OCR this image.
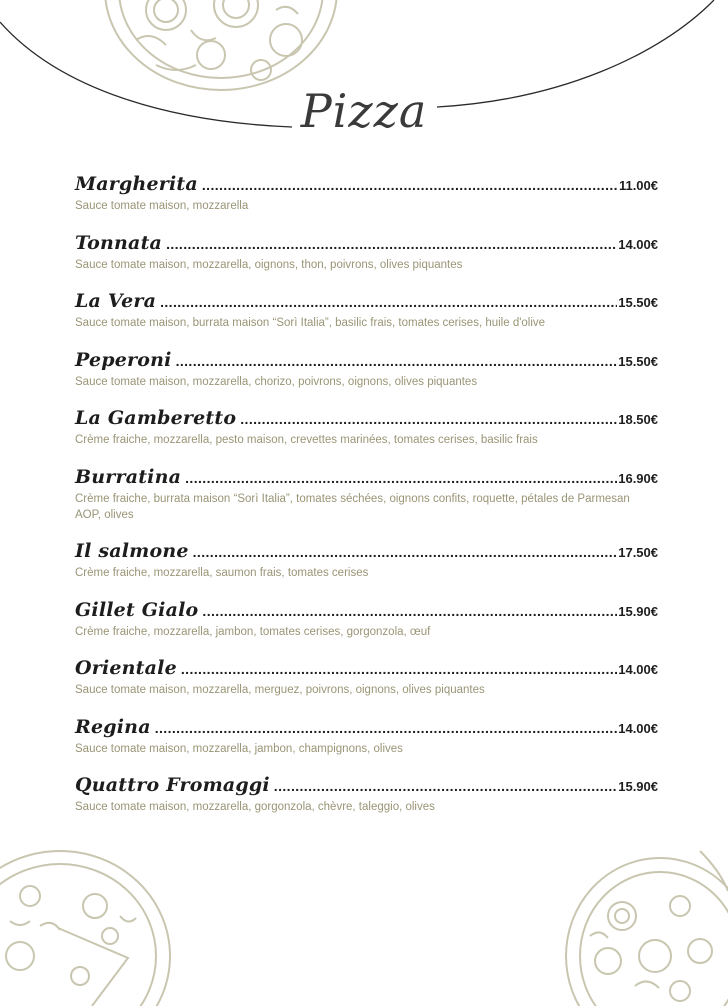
Pizza
Margherita .....	11.00€
Sauce tomate maison, mozzarella
Tonnata .....	14.00€
Sauce tomate maison, mozzarella, oignons, thon, poivrons, olives piquantes
La Vera .....	15.50€
Sauce tomate maison, burrata maison “Sorì Italia”, basilic frais, tomates cerises, huile d'olive
Peperoni .....	15.50€
Sauce tomate maison, mozzarella, chorizo, poivrons, oignons, olives piquantes
La Gamberetto .....	18.50€
Crème fraiche, mozzarella, pesto maison, crevettes marinées, tomates cerises, basilic frais
Burratina .....	16.90€
Crème fraiche, burrata maison “Sorì Italia”, tomates séchées, oignons confits, roquette, pétales de Parmesan AOP, olives
Il salmone .....	17.50€
Crème fraiche, mozzarella, saumon frais, tomates cerises
Gillet Gialo .....	15.90€
Crème fraiche, mozzarella, jambon, tomates cerises, gorgonzola, œuf
Orientale .....	14.00€
Sauce tomate maison, mozzarella, merguez, poivrons, oignons, olives piquantes
Regina .....	14.00€
Sauce tomate maison, mozzarella, jambon, champignons, olives
Quattro Fromaggi .....	15.90€
Sauce tomate maison, mozzarella, gorgonzola, chèvre, taleggio, olives
